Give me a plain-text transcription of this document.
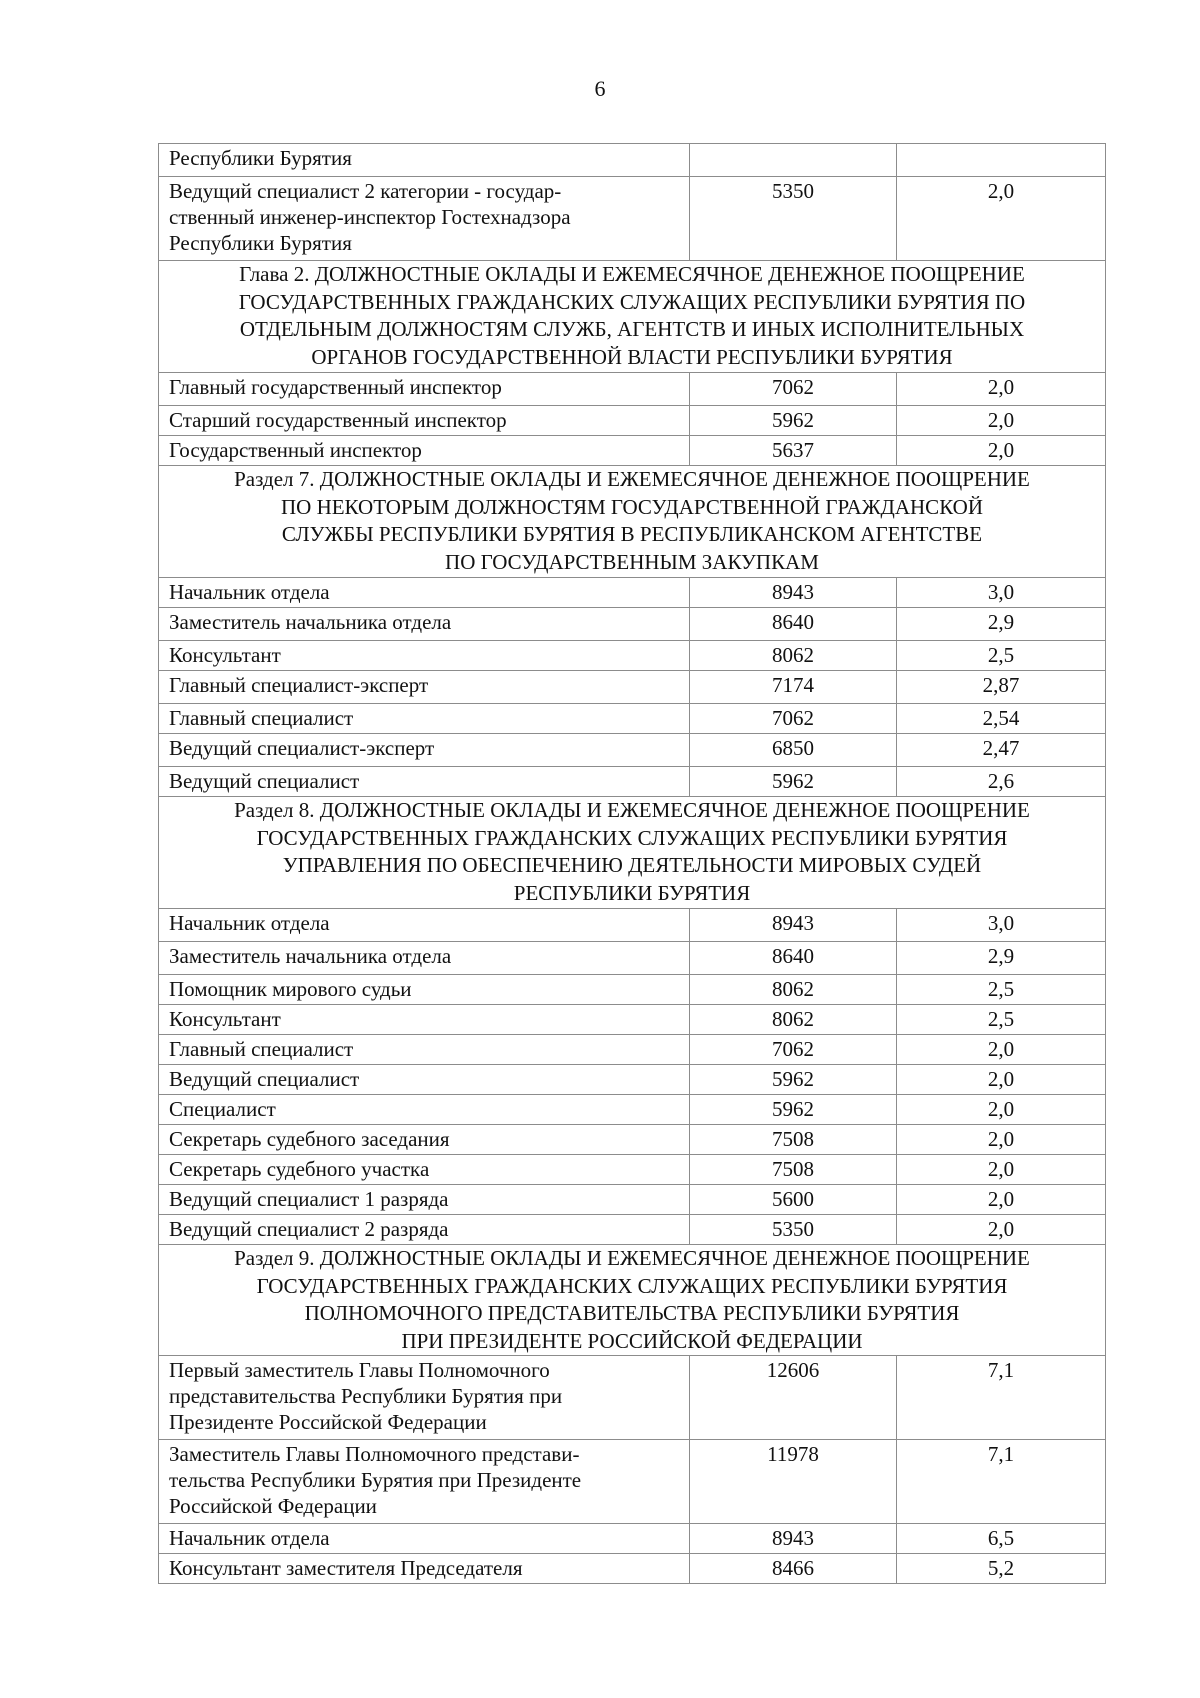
6
Республики Бурятия		
Ведущий специалист 2 категории - государ-
ственный инженер-инспектор Гостехнадзора
Республики Бурятия	5350	2,0
Глава 2. ДОЛЖНОСТНЫЕ ОКЛАДЫ И ЕЖЕМЕСЯЧНОЕ ДЕНЕЖНОЕ ПООЩРЕНИЕ
ГОСУДАРСТВЕННЫХ ГРАЖДАНСКИХ СЛУЖАЩИХ РЕСПУБЛИКИ БУРЯТИЯ ПО
ОТДЕЛЬНЫМ ДОЛЖНОСТЯМ СЛУЖБ, АГЕНТСТВ И ИНЫХ ИСПОЛНИТЕЛЬНЫХ
ОРГАНОВ ГОСУДАРСТВЕННОЙ ВЛАСТИ РЕСПУБЛИКИ БУРЯТИЯ		
Главный государственный инспектор	7062	2,0
Старший государственный инспектор	5962	2,0
Государственный инспектор	5637	2,0
Раздел 7. ДОЛЖНОСТНЫЕ ОКЛАДЫ И ЕЖЕМЕСЯЧНОЕ ДЕНЕЖНОЕ ПООЩРЕНИЕ
ПО НЕКОТОРЫМ ДОЛЖНОСТЯМ ГОСУДАРСТВЕННОЙ ГРАЖДАНСКОЙ
СЛУЖБЫ РЕСПУБЛИКИ БУРЯТИЯ В РЕСПУБЛИКАНСКОМ АГЕНТСТВЕ
ПО ГОСУДАРСТВЕННЫМ ЗАКУПКАМ		
Начальник отдела	8943	3,0
Заместитель начальника отдела	8640	2,9
Консультант	8062	2,5
Главный специалист-эксперт	7174	2,87
Главный специалист	7062	2,54
Ведущий специалист-эксперт	6850	2,47
Ведущий специалист	5962	2,6
Раздел 8. ДОЛЖНОСТНЫЕ ОКЛАДЫ И ЕЖЕМЕСЯЧНОЕ ДЕНЕЖНОЕ ПООЩРЕНИЕ
ГОСУДАРСТВЕННЫХ ГРАЖДАНСКИХ СЛУЖАЩИХ РЕСПУБЛИКИ БУРЯТИЯ
УПРАВЛЕНИЯ ПО ОБЕСПЕЧЕНИЮ ДЕЯТЕЛЬНОСТИ МИРОВЫХ СУДЕЙ
РЕСПУБЛИКИ БУРЯТИЯ		
Начальник отдела	8943	3,0
Заместитель начальника отдела	8640	2,9
Помощник мирового судьи	8062	2,5
Консультант	8062	2,5
Главный специалист	7062	2,0
Ведущий специалист	5962	2,0
Специалист	5962	2,0
Секретарь судебного заседания	7508	2,0
Секретарь судебного участка	7508	2,0
Ведущий специалист 1 разряда	5600	2,0
Ведущий специалист 2 разряда	5350	2,0
Раздел 9. ДОЛЖНОСТНЫЕ ОКЛАДЫ И ЕЖЕМЕСЯЧНОЕ ДЕНЕЖНОЕ ПООЩРЕНИЕ
ГОСУДАРСТВЕННЫХ ГРАЖДАНСКИХ СЛУЖАЩИХ РЕСПУБЛИКИ БУРЯТИЯ
ПОЛНОМОЧНОГО ПРЕДСТАВИТЕЛЬСТВА РЕСПУБЛИКИ БУРЯТИЯ
ПРИ ПРЕЗИДЕНТЕ РОССИЙСКОЙ ФЕДЕРАЦИИ		
Первый заместитель Главы Полномочного
представительства Республики Бурятия при
Президенте Российской Федерации	12606	7,1
Заместитель Главы Полномочного представи-
тельства Республики Бурятия при Президенте
Российской Федерации	11978	7,1
Начальник отдела	8943	6,5
Консультант заместителя Председателя	8466	5,2
